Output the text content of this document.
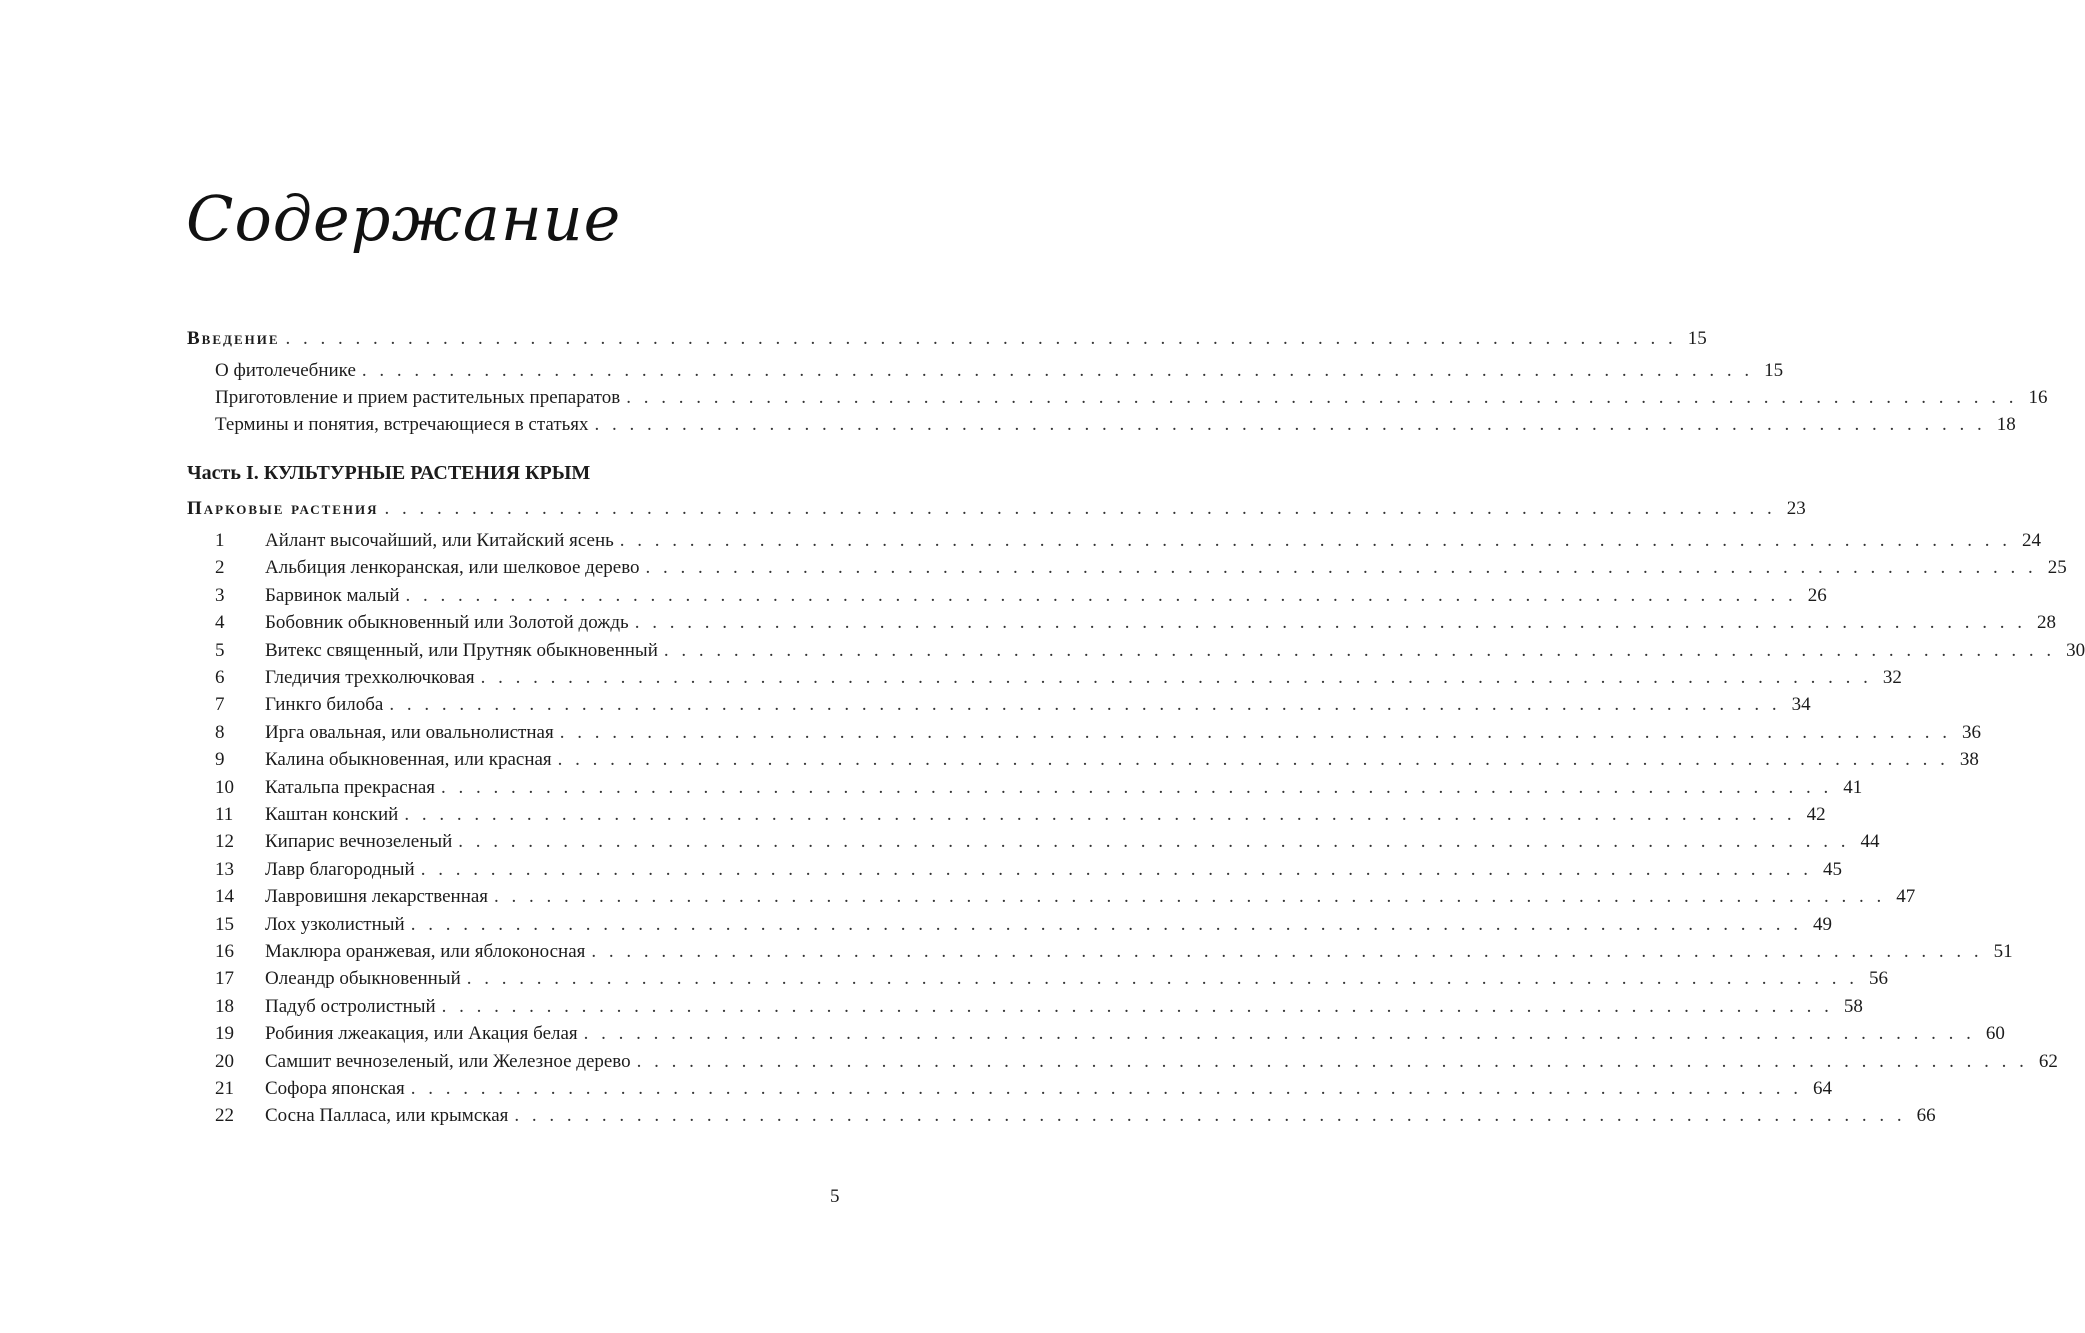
Содержание
Введение . . . . . . . . . . . . . . . . . . . . . . . . . . . . . . . . . . . . . . . . . . . . . . . . . . . . . . . . . . . . . . . . . . . . . . . . . . . . . . . . 15
О фитолечебнике . . . . . . . . . . . . . . . . . . . . . . . . . . . . . . . . . . . . . . . . . . . . . . . . . . . . . . . . . . . . . . . . . . . . . . . . . . . . . . . . 15
Приготовление и прием растительных препаратов . . . . . . . . . . . . . . . . . . . . . . . . . . . . . . . . . . . . . . . . . . . . . . . . . . . . . . . . . . . . . . . . . . . . . . . . . . . . . . . . 16
Термины и понятия, встречающиеся в статьях . . . . . . . . . . . . . . . . . . . . . . . . . . . . . . . . . . . . . . . . . . . . . . . . . . . . . . . . . . . . . . . . . . . . . . . . . . . . . . . . 18
Часть I. КУЛЬТУРНЫЕ РАСТЕНИЯ КРЫМ
Парковые растения . . . . . . . . . . . . . . . . . . . . . . . . . . . . . . . . . . . . . . . . . . . . . . . . . . . . . . . . . . . . . . . . . . . . . . . . . . . . . . . . 23
1	Айлант высочайший, или Китайский ясень . . . . . . . . . . . . . . . . . . . . . . . . . . . . . . . . . . . . . . . . . . . . . . . . . . . . . . . . . . . . . . . . . . . . . . . . . . . . . . . . 24
2	Альбиция ленкоранская, или шелковое дерево . . . . . . . . . . . . . . . . . . . . . . . . . . . . . . . . . . . . . . . . . . . . . . . . . . . . . . . . . . . . . . . . . . . . . . . . . . . . . . . . 25
3	Барвинок малый . . . . . . . . . . . . . . . . . . . . . . . . . . . . . . . . . . . . . . . . . . . . . . . . . . . . . . . . . . . . . . . . . . . . . . . . . . . . . . . . 26
4	Бобовник обыкновенный или Золотой дождь . . . . . . . . . . . . . . . . . . . . . . . . . . . . . . . . . . . . . . . . . . . . . . . . . . . . . . . . . . . . . . . . . . . . . . . . . . . . . . . . 28
5	Витекс священный, или Прутняк обыкновенный . . . . . . . . . . . . . . . . . . . . . . . . . . . . . . . . . . . . . . . . . . . . . . . . . . . . . . . . . . . . . . . . . . . . . . . . . . . . . . . . 30
6	Гледичия трехколючковая . . . . . . . . . . . . . . . . . . . . . . . . . . . . . . . . . . . . . . . . . . . . . . . . . . . . . . . . . . . . . . . . . . . . . . . . . . . . . . . . 32
7	Гинкго билоба . . . . . . . . . . . . . . . . . . . . . . . . . . . . . . . . . . . . . . . . . . . . . . . . . . . . . . . . . . . . . . . . . . . . . . . . . . . . . . . . 34
8	Ирга овальная, или овальнолистная . . . . . . . . . . . . . . . . . . . . . . . . . . . . . . . . . . . . . . . . . . . . . . . . . . . . . . . . . . . . . . . . . . . . . . . . . . . . . . . . 36
9	Калина обыкновенная, или красная . . . . . . . . . . . . . . . . . . . . . . . . . . . . . . . . . . . . . . . . . . . . . . . . . . . . . . . . . . . . . . . . . . . . . . . . . . . . . . . . 38
10	Катальпа прекрасная . . . . . . . . . . . . . . . . . . . . . . . . . . . . . . . . . . . . . . . . . . . . . . . . . . . . . . . . . . . . . . . . . . . . . . . . . . . . . . . . 41
11	Каштан конский . . . . . . . . . . . . . . . . . . . . . . . . . . . . . . . . . . . . . . . . . . . . . . . . . . . . . . . . . . . . . . . . . . . . . . . . . . . . . . . . 42
12	Кипарис вечнозеленый . . . . . . . . . . . . . . . . . . . . . . . . . . . . . . . . . . . . . . . . . . . . . . . . . . . . . . . . . . . . . . . . . . . . . . . . . . . . . . . . 44
13	Лавр благородный . . . . . . . . . . . . . . . . . . . . . . . . . . . . . . . . . . . . . . . . . . . . . . . . . . . . . . . . . . . . . . . . . . . . . . . . . . . . . . . . 45
14	Лавровишня лекарственная . . . . . . . . . . . . . . . . . . . . . . . . . . . . . . . . . . . . . . . . . . . . . . . . . . . . . . . . . . . . . . . . . . . . . . . . . . . . . . . . 47
15	Лох узколистный . . . . . . . . . . . . . . . . . . . . . . . . . . . . . . . . . . . . . . . . . . . . . . . . . . . . . . . . . . . . . . . . . . . . . . . . . . . . . . . . 49
16	Маклюра оранжевая, или яблоконосная . . . . . . . . . . . . . . . . . . . . . . . . . . . . . . . . . . . . . . . . . . . . . . . . . . . . . . . . . . . . . . . . . . . . . . . . . . . . . . . . 51
17	Олеандр обыкновенный . . . . . . . . . . . . . . . . . . . . . . . . . . . . . . . . . . . . . . . . . . . . . . . . . . . . . . . . . . . . . . . . . . . . . . . . . . . . . . . . 56
18	Падуб остролистный . . . . . . . . . . . . . . . . . . . . . . . . . . . . . . . . . . . . . . . . . . . . . . . . . . . . . . . . . . . . . . . . . . . . . . . . . . . . . . . . 58
19	Робиния лжеакация, или Акация белая . . . . . . . . . . . . . . . . . . . . . . . . . . . . . . . . . . . . . . . . . . . . . . . . . . . . . . . . . . . . . . . . . . . . . . . . . . . . . . . . 60
20	Самшит вечнозеленый, или Железное дерево . . . . . . . . . . . . . . . . . . . . . . . . . . . . . . . . . . . . . . . . . . . . . . . . . . . . . . . . . . . . . . . . . . . . . . . . . . . . . . . . 62
21	Софора японская . . . . . . . . . . . . . . . . . . . . . . . . . . . . . . . . . . . . . . . . . . . . . . . . . . . . . . . . . . . . . . . . . . . . . . . . . . . . . . . . 64
22	Сосна Палласа, или крымская . . . . . . . . . . . . . . . . . . . . . . . . . . . . . . . . . . . . . . . . . . . . . . . . . . . . . . . . . . . . . . . . . . . . . . . . . . . . . . . . 66
5
